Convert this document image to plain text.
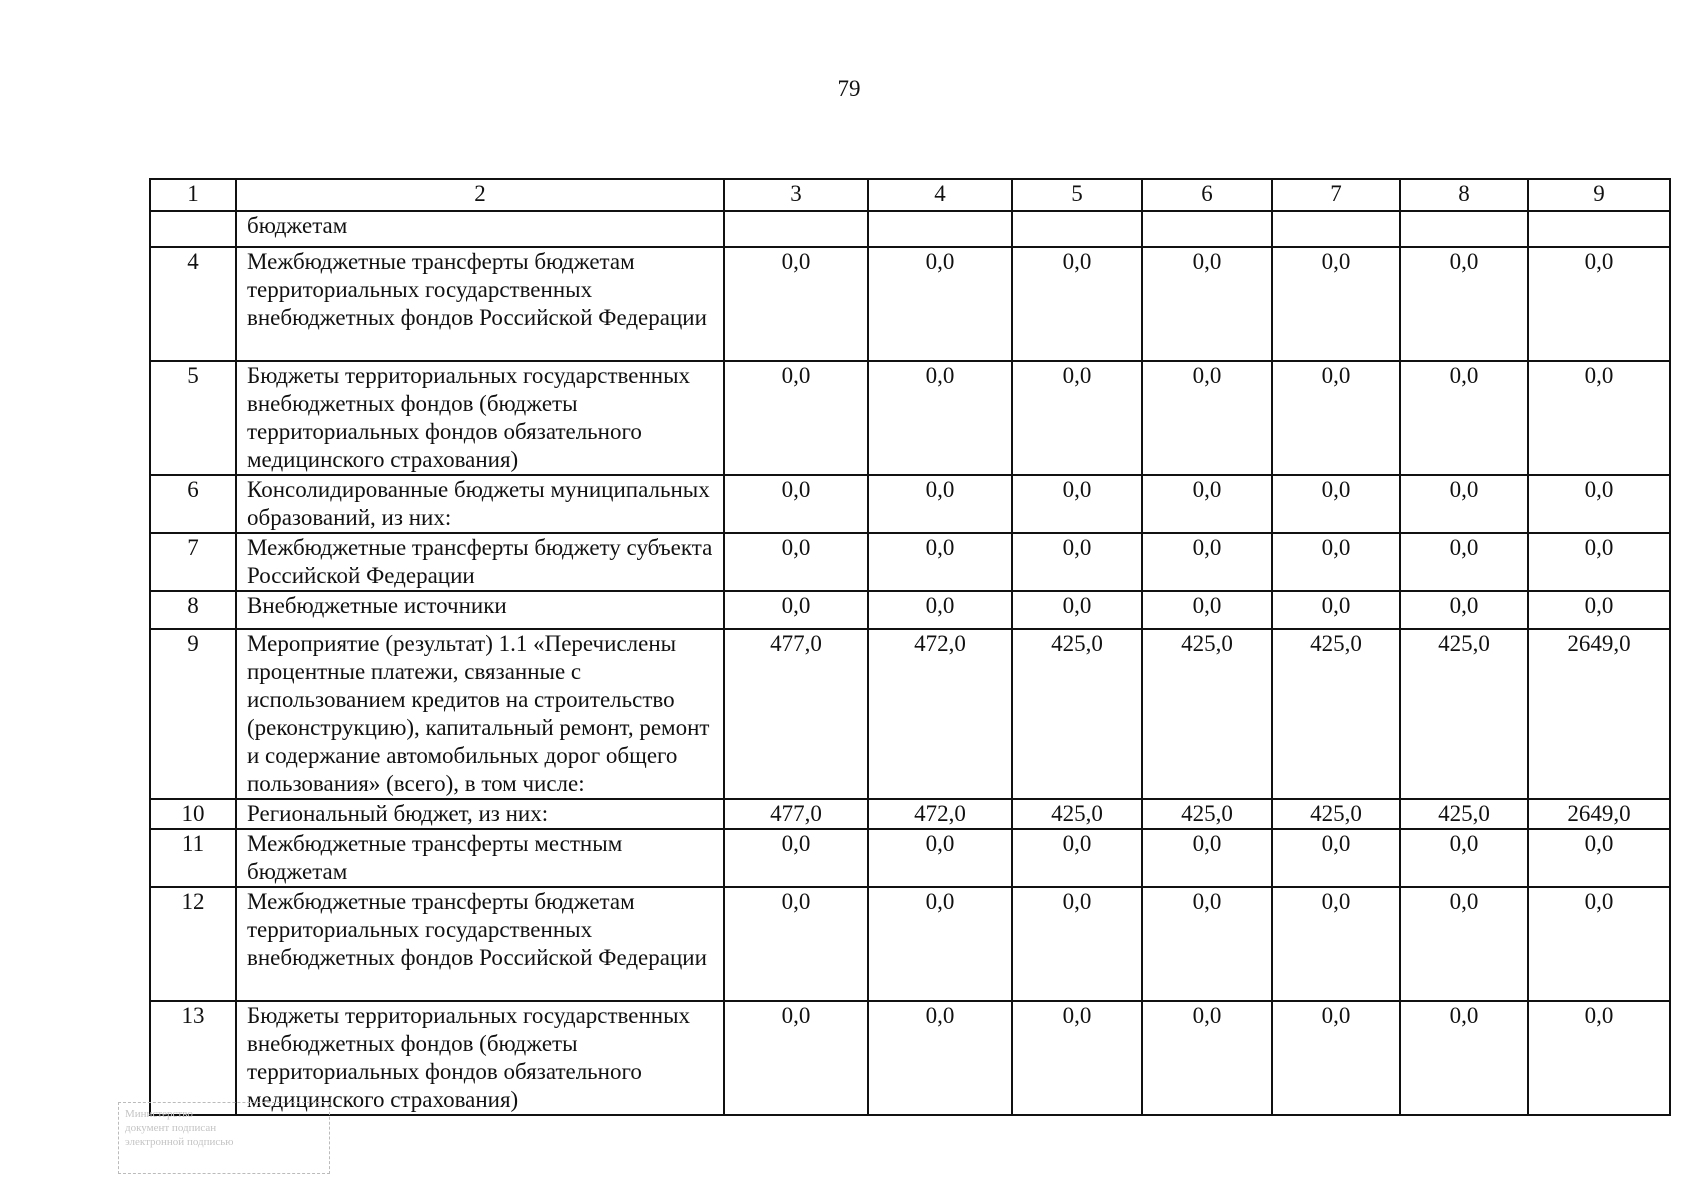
79
1	2	3	4	5	6	7	8	9
	бюджетам							
4	Межбюджетные трансферты бюджетам территориальных государственных внебюджетных фондов Российской Федерации	0,0	0,0	0,0	0,0	0,0	0,0	0,0
5	Бюджеты территориальных государственных внебюджетных фондов (бюджеты территориальных фондов обязательного медицинского страхования)	0,0	0,0	0,0	0,0	0,0	0,0	0,0
6	Консолидированные бюджеты муниципальных образований, из них:	0,0	0,0	0,0	0,0	0,0	0,0	0,0
7	Межбюджетные трансферты бюджету субъекта Российской Федерации	0,0	0,0	0,0	0,0	0,0	0,0	0,0
8	Внебюджетные источники	0,0	0,0	0,0	0,0	0,0	0,0	0,0
9	Мероприятие (результат) 1.1 «Перечислены процентные платежи, связанные с использованием кредитов на строительство (реконструкцию), капитальный ремонт, ремонт и содержание автомобильных дорог общего пользования» (всего), в том числе:	477,0	472,0	425,0	425,0	425,0	425,0	2649,0
10	Региональный бюджет, из них:	477,0	472,0	425,0	425,0	425,0	425,0	2649,0
11	Межбюджетные трансферты местным бюджетам	0,0	0,0	0,0	0,0	0,0	0,0	0,0
12	Межбюджетные трансферты бюджетам территориальных государственных внебюджетных фондов Российской Федерации	0,0	0,0	0,0	0,0	0,0	0,0	0,0
13	Бюджеты территориальных государственных внебюджетных фондов (бюджеты территориальных фондов обязательного медицинского страхования)	0,0	0,0	0,0	0,0	0,0	0,0	0,0
Министерство
документ подписан
электронной подписью
